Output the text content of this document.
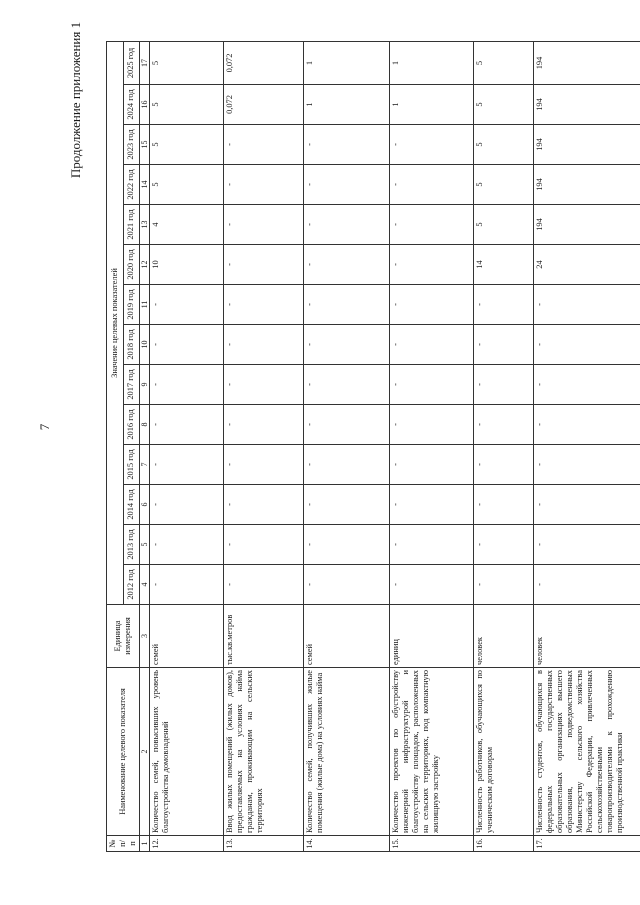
7
Продолжение приложения 1
№ п/п	Наименование целевого показателя	Единица измерения	Значение целевых показателей													
			2012 год	2013 год	2014 год	2015 год	2016 год	2017 год	2018 год	2019 год	2020 год	2021 год	2022 год	2023 год	2024 год	2025 год
1	2	3	4	5	6	7	8	9	10	11	12	13	14	15	16	17
12.	Количество семей, повысивших уровень благоустройства домовладений	семей	-	-	-	-	-	-	-	-	10	4	5	5	5	5
13.	Ввод жилых помещений (жилых домов), предоставляемых на условиях найма гражданам, проживающим на сельских территориях	тыс.кв.метров	-	-	-	-	-	-	-	-	-	-	-	-	0,072	0,072
14.	Количество семей, получивших жилые помещения (жилые дома) на условиях найма	семей	-	-	-	-	-	-	-	-	-	-	-	-	1	1
15.	Количество проектов по обустройству инженерной инфраструктурой и благоустройству площадок, расположенных на сельских территориях, под компактную жилищную застройку	единиц	-	-	-	-	-	-	-	-	-	-	-	-	1	1
16.	Численность работников, обучающихся по ученическим договорам	человек	-	-	-	-	-	-	-	-	14	5	5	5	5	5
17.	Численность студентов, обучающихся в федеральных государственных образовательных организациях высшего образования, подведомственных Министерству сельского хозяйства Российской Федерации, привлеченных сельскохозяйственными товаропроизводителями к прохождению производственной практики	человек	-	-	-	-	-	-	-	-	24	194	194	194	194	194
